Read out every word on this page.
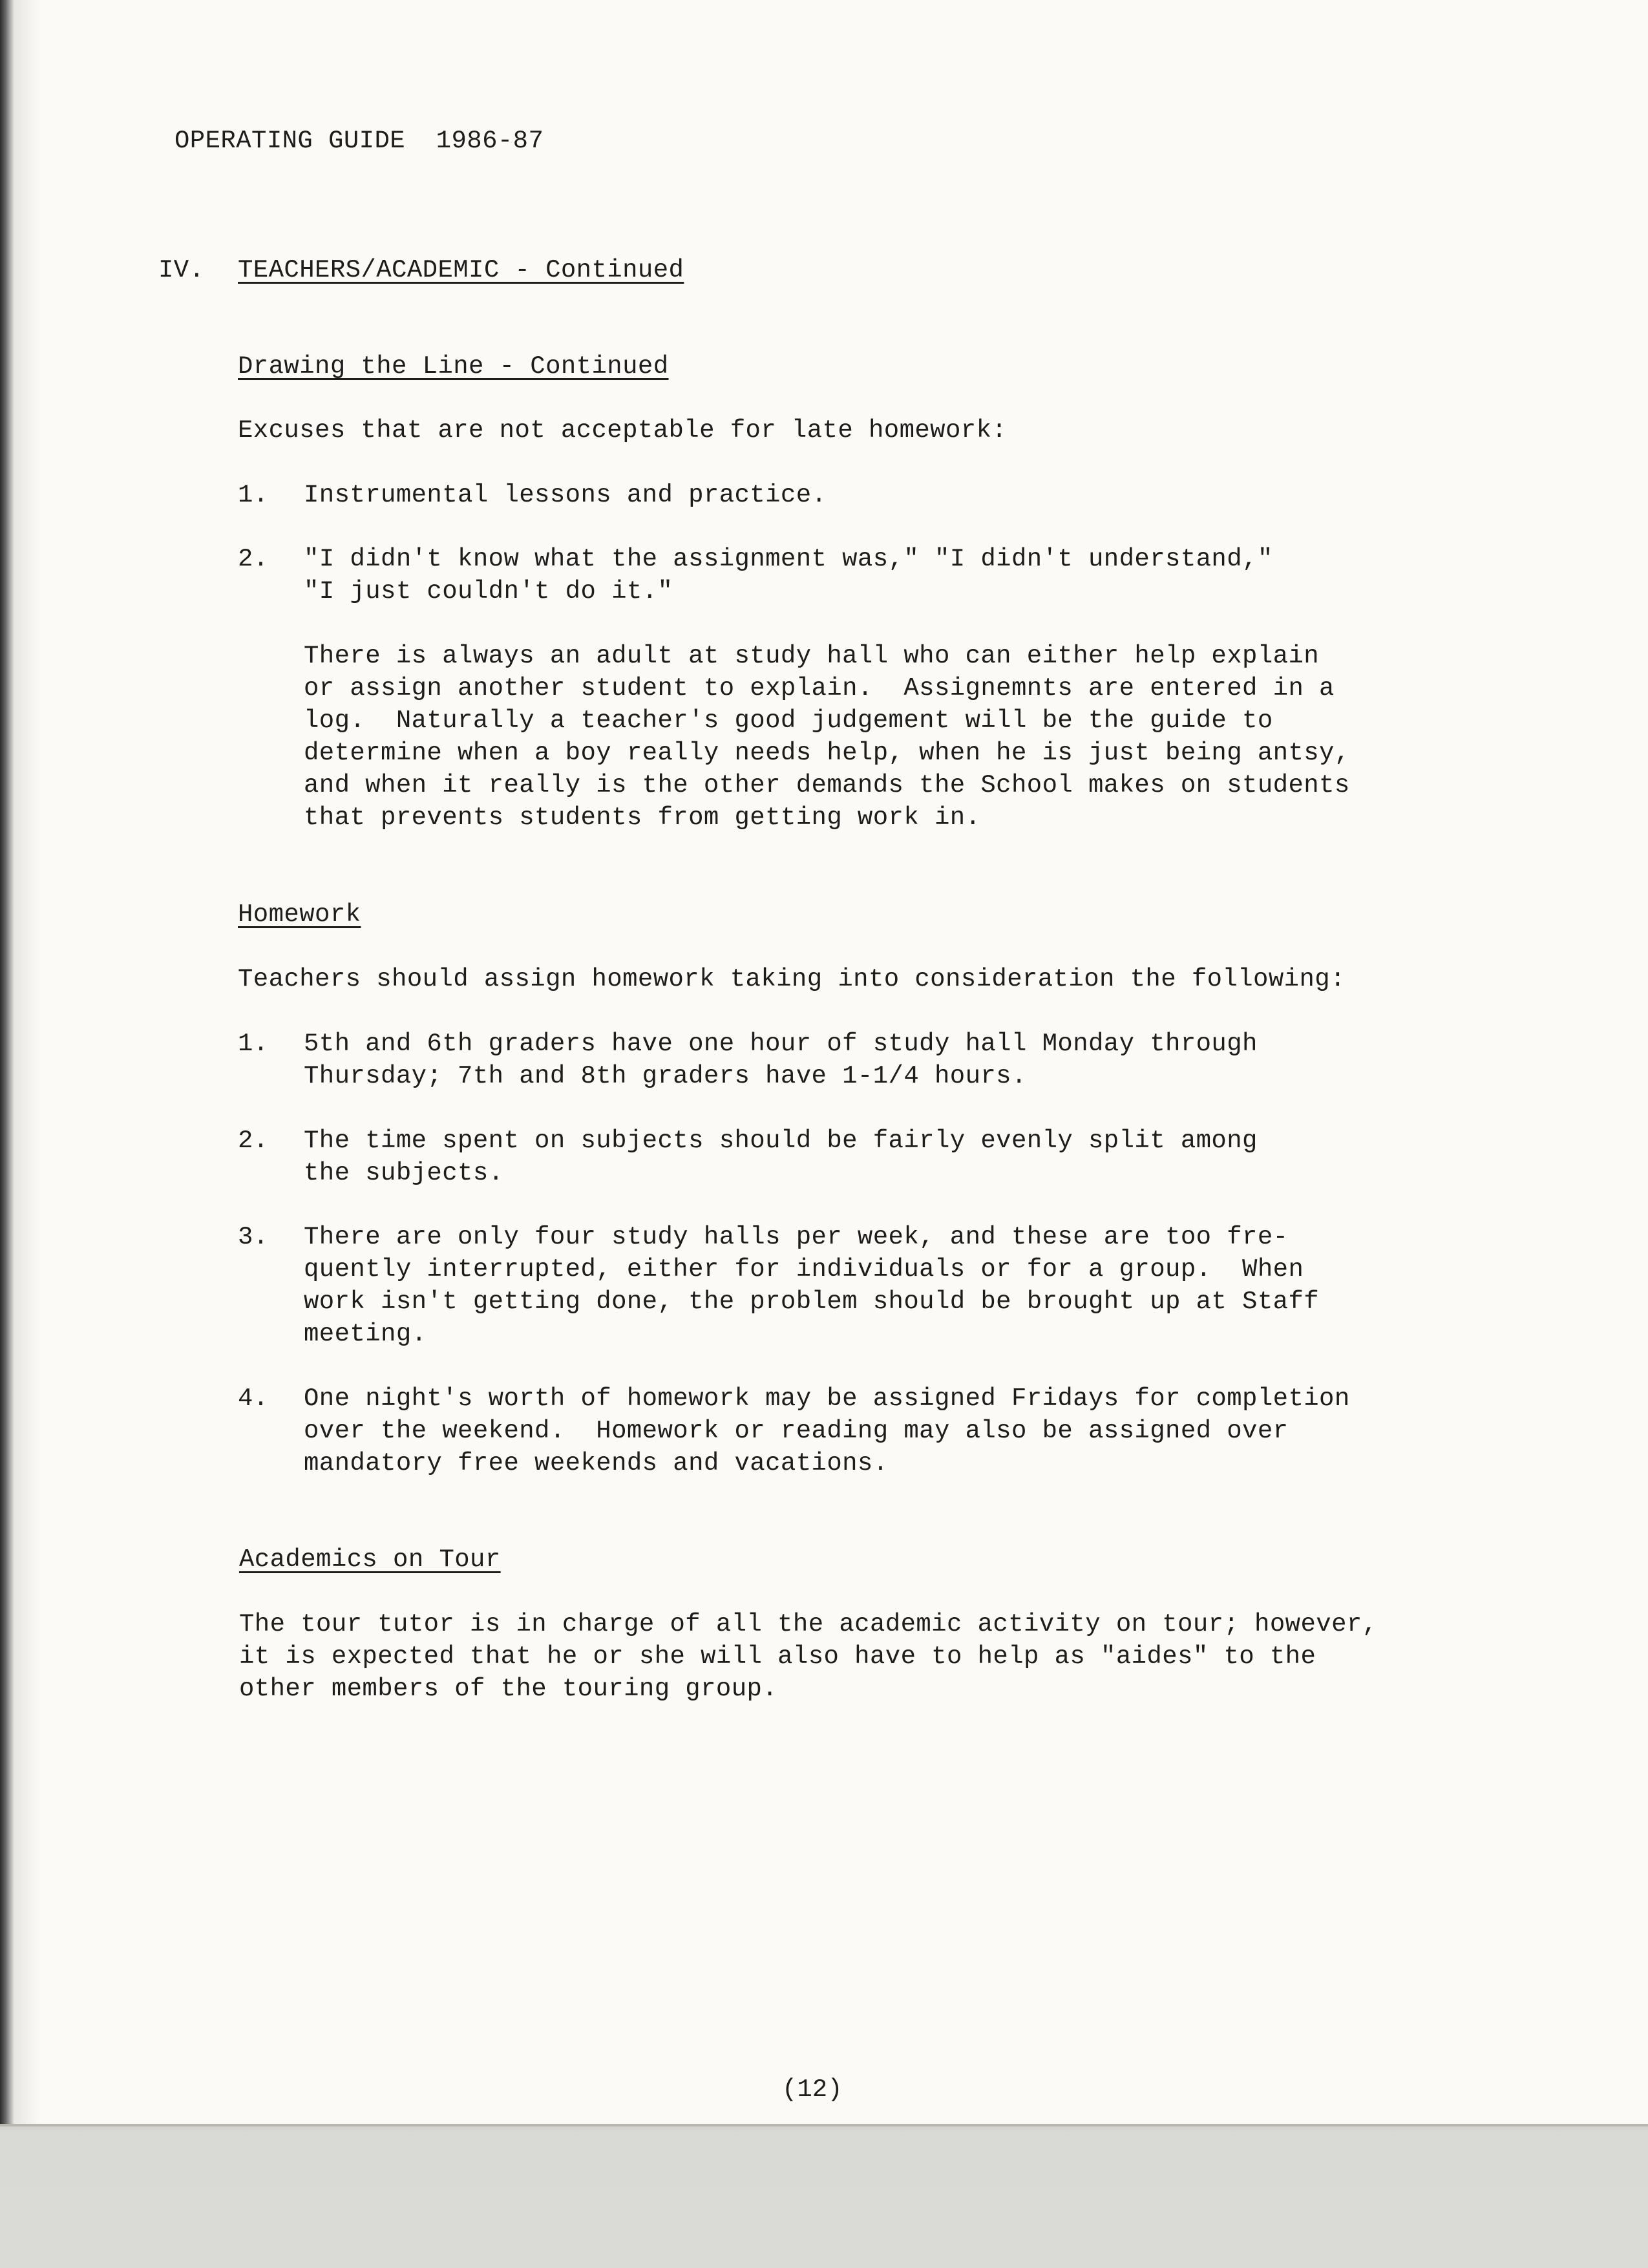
OPERATING GUIDE  1986-87
IV. TEACHERS/ACADEMIC - Continued
Drawing the Line - Continued
Excuses that are not acceptable for late homework:
1. Instrumental lessons and practice.
2. "I didn't know what the assignment was," "I didn't understand,"
"I just couldn't do it."
There is always an adult at study hall who can either help explain
or assign another student to explain.  Assignemnts are entered in a
log.  Naturally a teacher's good judgement will be the guide to
determine when a boy really needs help, when he is just being antsy,
and when it really is the other demands the School makes on students
that prevents students from getting work in.
Homework
Teachers should assign homework taking into consideration the following:
1. 5th and 6th graders have one hour of study hall Monday through
Thursday; 7th and 8th graders have 1-1/4 hours.
2. The time spent on subjects should be fairly evenly split among
the subjects.
3. There are only four study halls per week, and these are too fre-
quently interrupted, either for individuals or for a group.  When
work isn't getting done, the problem should be brought up at Staff
meeting.
4. One night's worth of homework may be assigned Fridays for completion
over the weekend.  Homework or reading may also be assigned over
mandatory free weekends and vacations.
Academics on Tour
The tour tutor is in charge of all the academic activity on tour; however,
it is expected that he or she will also have to help as "aides" to the
other members of the touring group.
(12)
